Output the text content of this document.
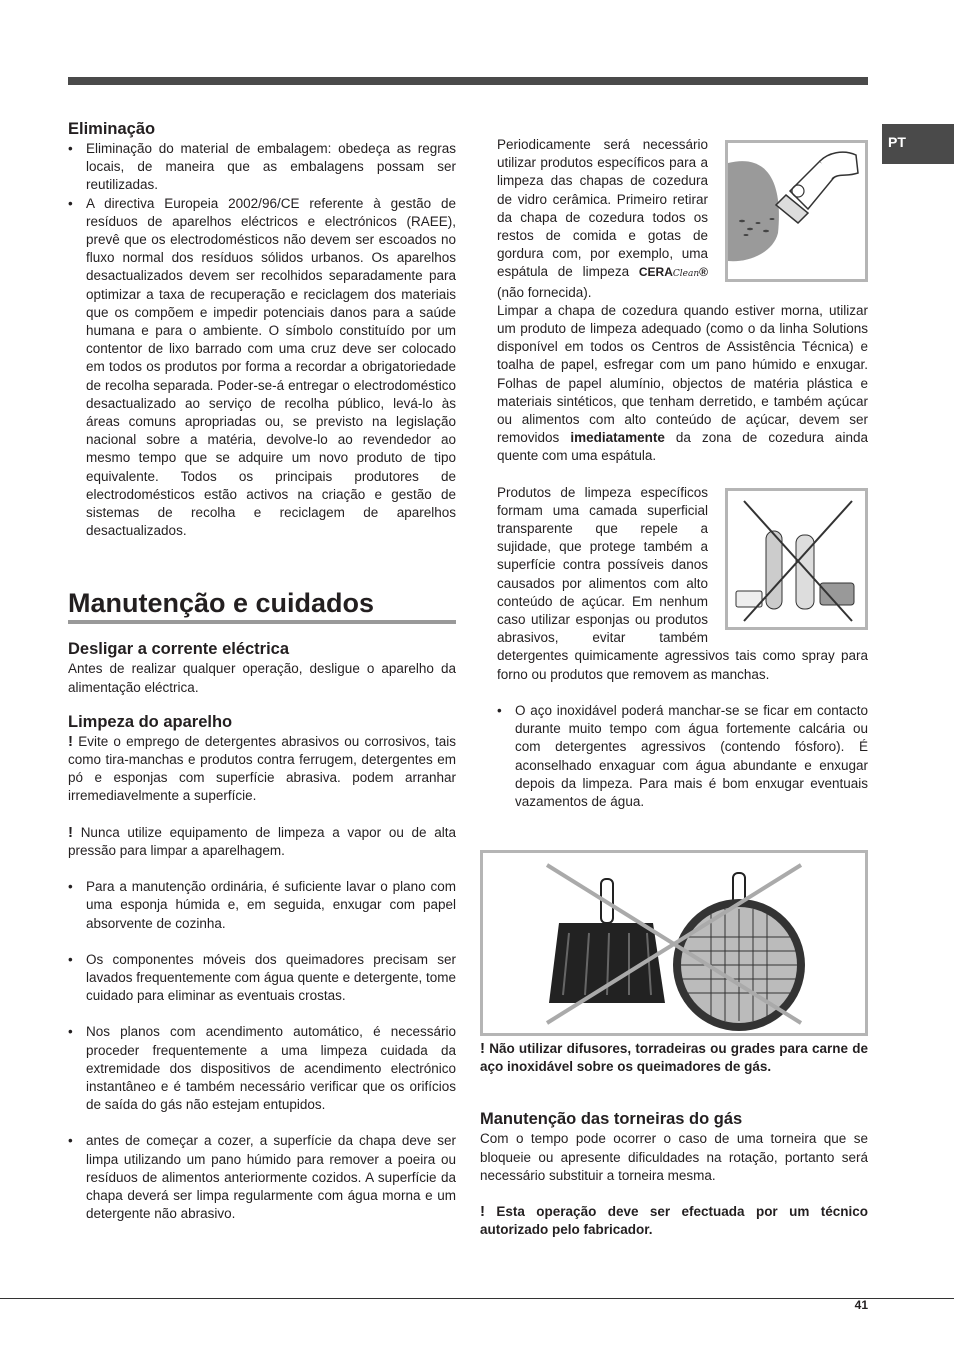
PT
Eliminação
• Eliminação do material de embalagem: obedeça as regras locais, de maneira que as embalagens possam ser reutilizadas.
• A directiva Europeia 2002/96/CE referente à gestão de resíduos de aparelhos eléctricos e electrónicos (RAEE), prevê que os electrodomésticos não devem ser escoados no fluxo normal dos resíduos sólidos urbanos. Os aparelhos desactualizados devem ser recolhidos separadamente para optimizar a taxa de recuperação e reciclagem dos materiais que os compõem e impedir potenciais danos para a saúde humana e para o ambiente. O símbolo constituído por um contentor de lixo barrado com uma cruz deve ser colocado em todos os produtos por forma a recordar a obrigatoriedade de recolha separada. Poder-se-á entregar o electrodoméstico desactualizado ao serviço de recolha público, levá-lo às áreas comuns apropriadas ou, se previsto na legislação nacional sobre a matéria, devolve-lo ao revendedor ao mesmo tempo que se adquire um novo produto de tipo equivalente. Todos os principais produtores de electrodomésticos estão activos na criação e gestão de sistemas de recolha e reciclagem de aparelhos desactualizados.
Manutenção e cuidados
Desligar a corrente eléctrica

Antes de realizar qualquer operação, desligue o aparelho da alimentação eléctrica.

Limpeza do aparelho

! Evite o emprego de detergentes abrasivos ou corrosivos, tais como tira-manchas e produtos contra ferrugem, detergentes em pó e esponjas com superfície abrasiva. podem arranhar irremediavelmente a superfície.

! Nunca utilize equipamento de limpeza a vapor ou de alta pressão para limpar a aparelhagem.

• Para a manutenção ordinária, é suficiente lavar o plano com uma esponja húmida e, em seguida, enxugar com papel absorvente de cozinha.
• Os componentes móveis dos queimadores precisam ser lavados frequentemente com água quente e detergente, tome cuidado para eliminar as eventuais crostas.
• Nos planos com acendimento automático, é necessário proceder frequentemente a uma limpeza cuidada da extremidade dos dispositivos de acendimento electrónico instantâneo e é também necessário verificar que os orifícios de saída do gás não estejam entupidos.
• antes de começar a cozer, a superfície da chapa deve ser limpa utilizando um pano húmido para remover a poeira ou resíduos de alimentos anteriormente cozidos. A superfície da chapa deverá ser limpa regularmente com água morna e um detergente não abrasivo.

Periodicamente será necessário utilizar produtos específicos para a limpeza das chapas de cozedura de vidro cerâmica. Primeiro retirar da chapa de cozedura todos os restos de comida e gotas de gordura com, por exemplo, uma espátula de limpeza CERAClean® (não fornecida).

Limpar a chapa de cozedura quando estiver morna, utilizar um produto de limpeza adequado (como o da linha Solutions disponível em todos os Centros de Assistência Técnica) e toalha de papel, esfregar com um pano húmido e enxugar. Folhas de papel alumínio, objectos de matéria plástica e materiais sintéticos, que tenham derretido, e também açúcar ou alimentos com alto conteúdo de açúcar, devem ser removidos imediatamente da zona de cozedura ainda quente com uma espátula.

Produtos de limpeza específicos formam uma camada superficial transparente que repele a sujidade, que protege também a superfície contra possíveis danos causados por alimentos com alto conteúdo de açúcar. Em nenhum caso utilizar esponjas ou produtos abrasivos, evitar também detergentes quimicamente agressivos tais como spray para forno ou produtos que removem as manchas.

• O aço inoxidável poderá manchar-se se ficar em contacto durante muito tempo com água fortemente calcária ou com detergentes agressivos (contendo fósforo). É aconselhado enxaguar com água abundante e enxugar depois da limpeza. Para mais é bom enxugar eventuais vazamentos de água.

! Não utilizar difusores, torradeiras ou grades para carne de aço inoxidável sobre os queimadores de gás.

Manutenção das torneiras do gás

Com o tempo pode ocorrer o caso de uma torneira que se bloqueie ou apresente dificuldades na rotação, portanto será necessário substituir a torneira mesma.

! Esta operação deve ser efectuada por um técnico autorizado pelo fabricador.

41
